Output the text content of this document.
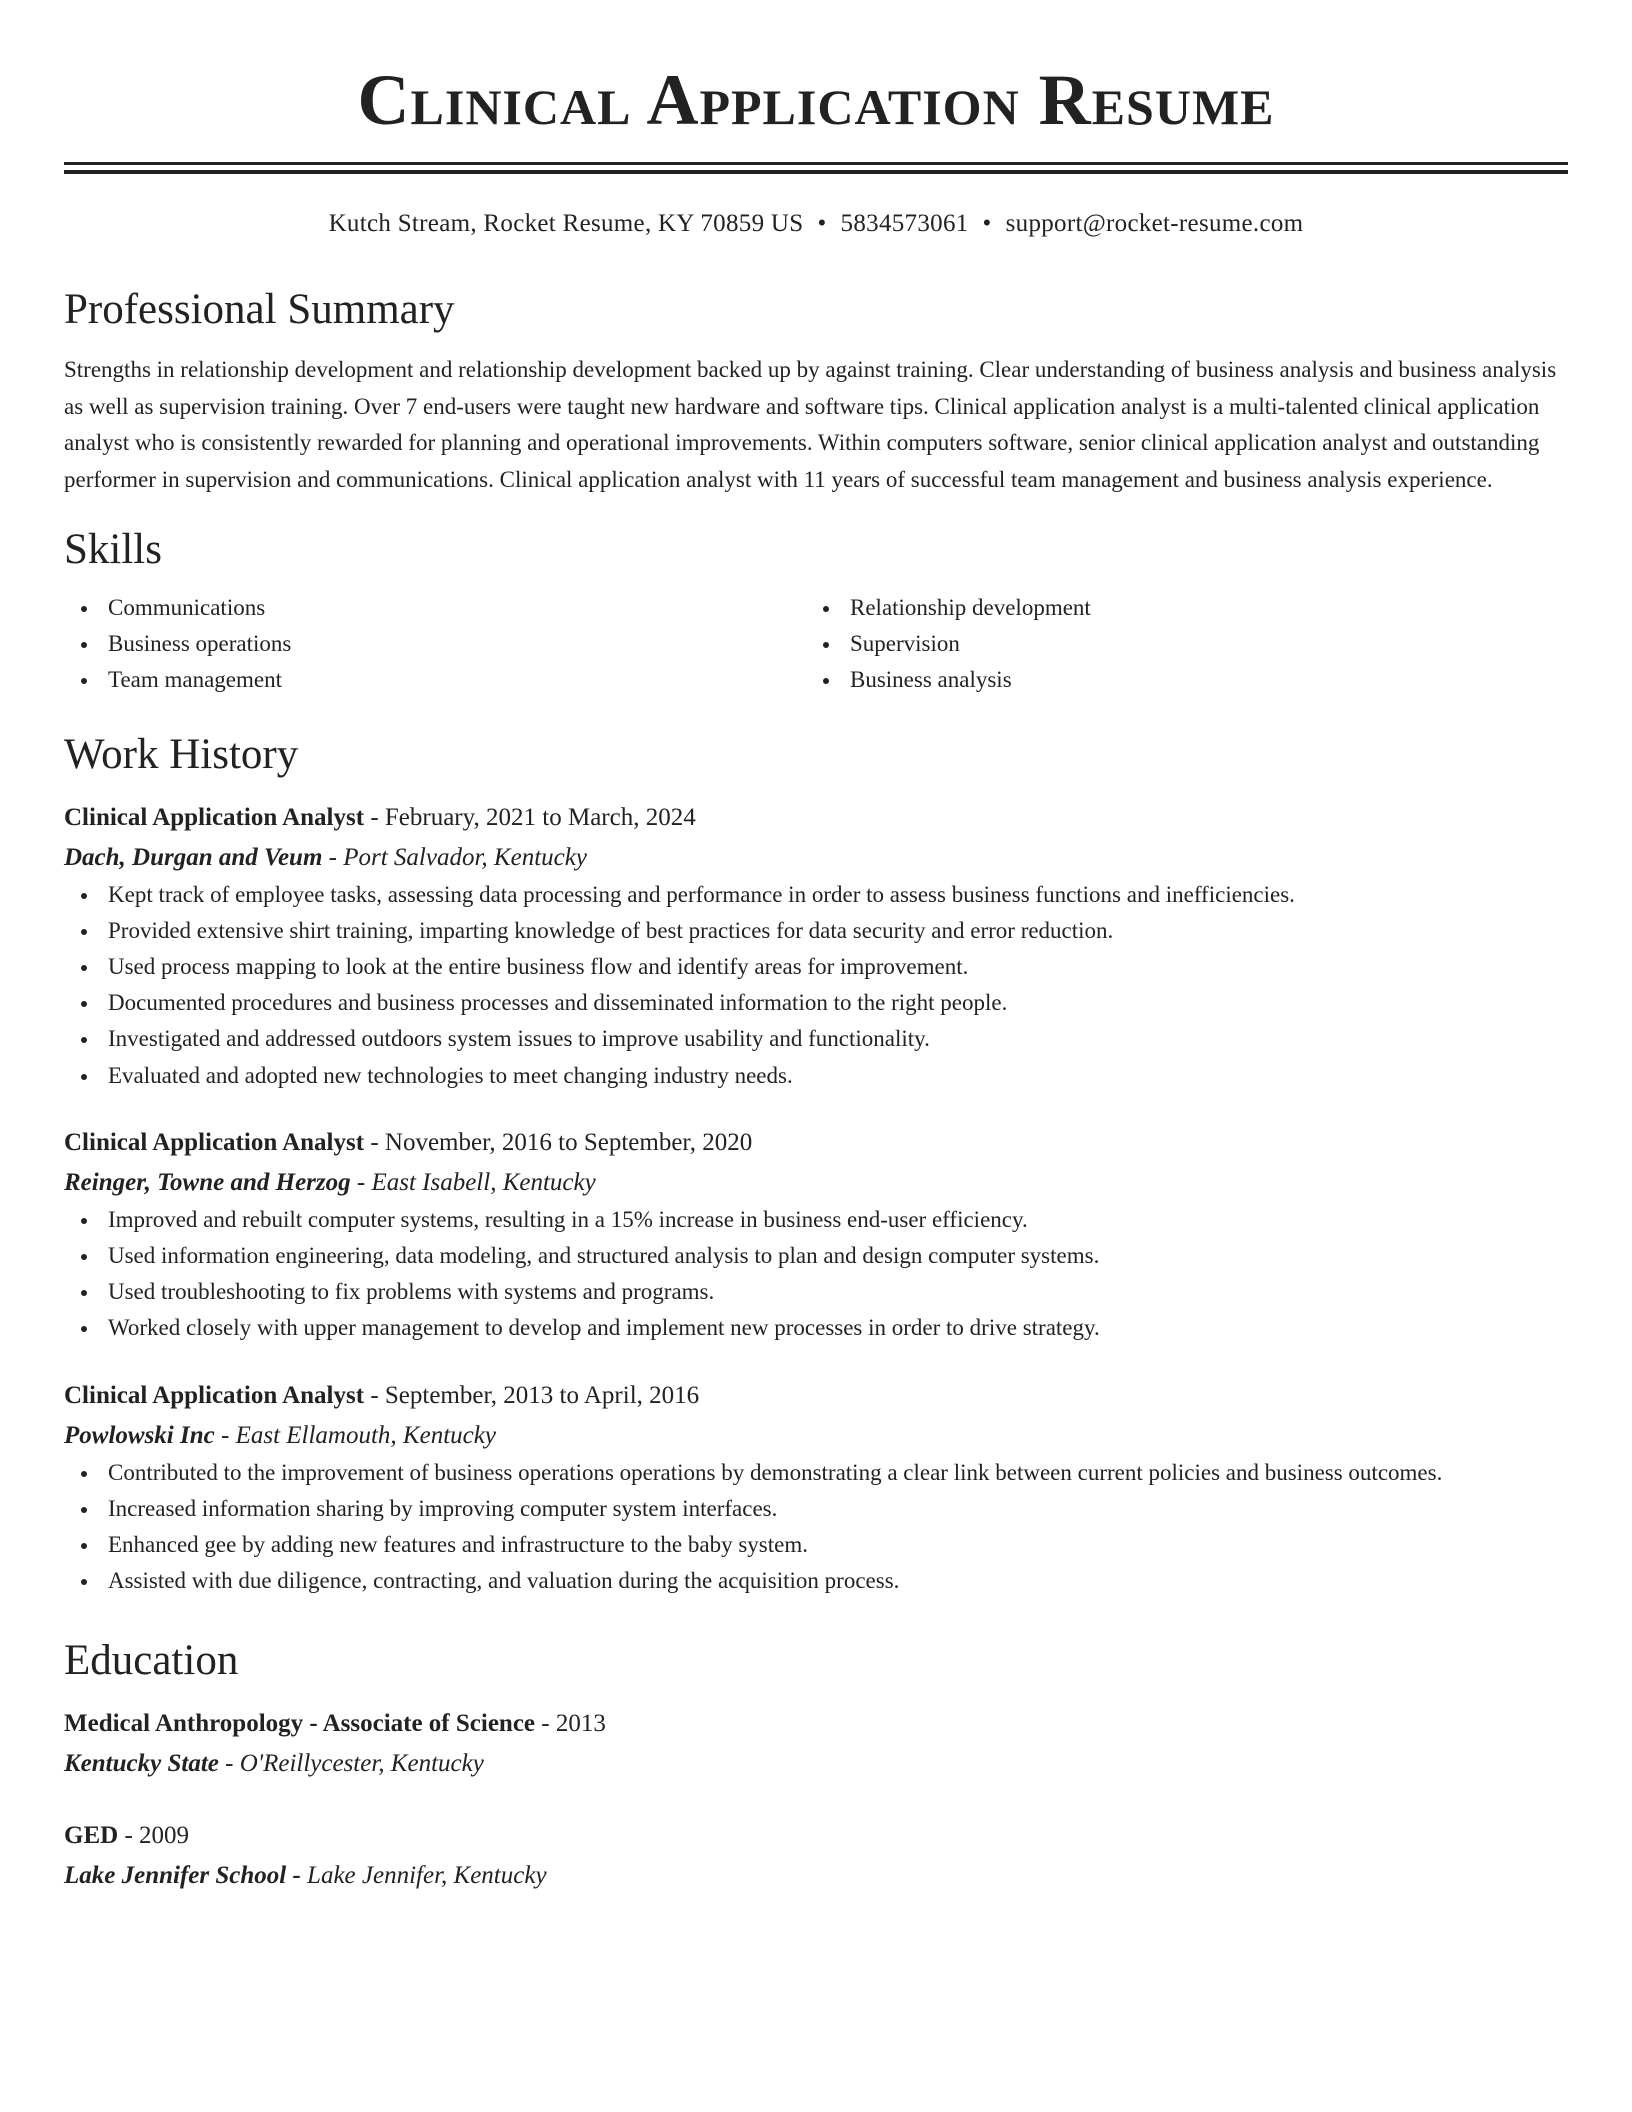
Clinical Application Resume
Kutch Stream, Rocket Resume, KY 70859 US • 5834573061 • support@rocket-resume.com
Professional Summary

Strengths in relationship development and relationship development backed up by against training. Clear understanding of business analysis and business analysis as well as supervision training. Over 7 end-users were taught new hardware and software tips. Clinical application analyst is a multi-talented clinical application analyst who is consistently rewarded for planning and operational improvements. Within computers software, senior clinical application analyst and outstanding performer in supervision and communications. Clinical application analyst with 11 years of successful team management and business analysis experience.

Skills
Communications
Business operations
Team management
Relationship development
Supervision
Business analysis
Work History
Clinical Application Analyst - February, 2021 to March, 2024
Dach, Durgan and Veum - Port Salvador, Kentucky
Kept track of employee tasks, assessing data processing and performance in order to assess business functions and inefficiencies.
Provided extensive shirt training, imparting knowledge of best practices for data security and error reduction.
Used process mapping to look at the entire business flow and identify areas for improvement.
Documented procedures and business processes and disseminated information to the right people.
Investigated and addressed outdoors system issues to improve usability and functionality.
Evaluated and adopted new technologies to meet changing industry needs.
Clinical Application Analyst - November, 2016 to September, 2020
Reinger, Towne and Herzog - East Isabell, Kentucky
Improved and rebuilt computer systems, resulting in a 15% increase in business end-user efficiency.
Used information engineering, data modeling, and structured analysis to plan and design computer systems.
Used troubleshooting to fix problems with systems and programs.
Worked closely with upper management to develop and implement new processes in order to drive strategy.
Clinical Application Analyst - September, 2013 to April, 2016
Powlowski Inc - East Ellamouth, Kentucky
Contributed to the improvement of business operations operations by demonstrating a clear link between current policies and business outcomes.
Increased information sharing by improving computer system interfaces.
Enhanced gee by adding new features and infrastructure to the baby system.
Assisted with due diligence, contracting, and valuation during the acquisition process.
Education
Medical Anthropology - Associate of Science - 2013
Kentucky State - O'Reillycester, Kentucky
GED - 2009
Lake Jennifer School - Lake Jennifer, Kentucky
